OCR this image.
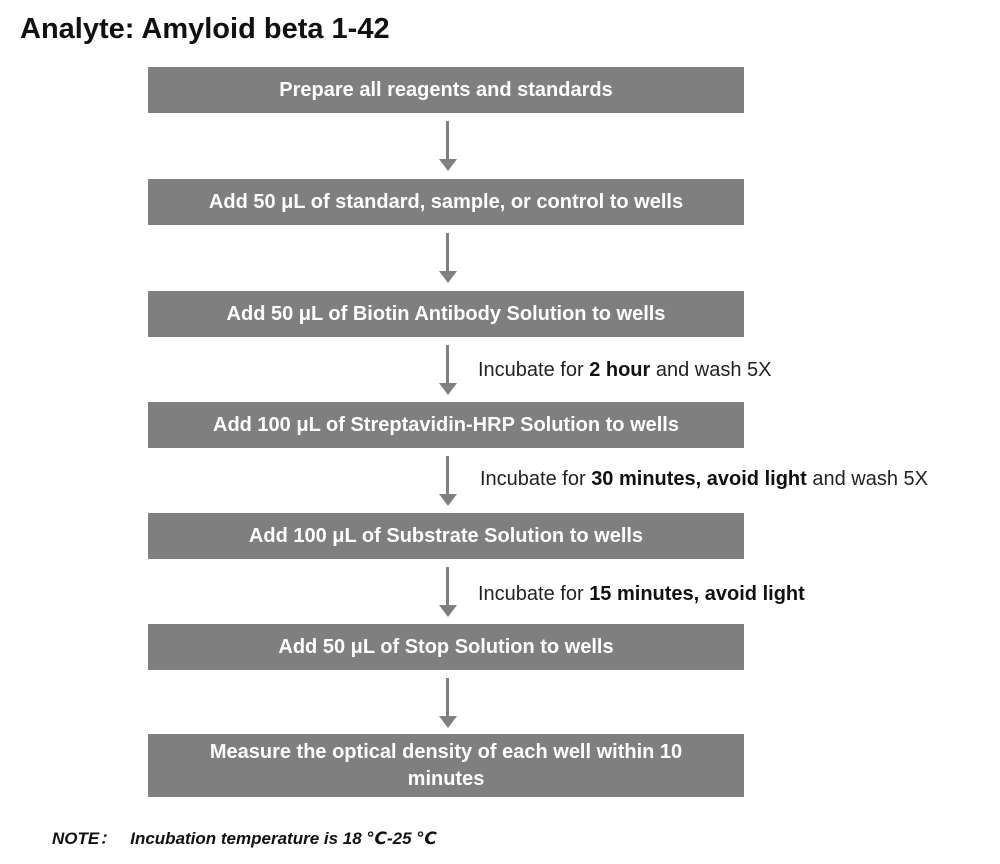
Analyte: Amyloid beta 1-42
Prepare all reagents and standards
Add 50 μL of standard, sample, or control to wells
Add 50 μL of Biotin Antibody Solution to wells
Add 100 μL of Streptavidin-HRP Solution to wells
Add 100 μL of Substrate Solution to wells
Add 50 μL of Stop Solution to wells
Measure the optical density of each well within 10 minutes
Incubate for 2 hour and wash 5X
Incubate for 30 minutes, avoid light and wash 5X
Incubate for 15 minutes, avoid light
NOTE： Incubation temperature is 18 ℃-25 ℃
